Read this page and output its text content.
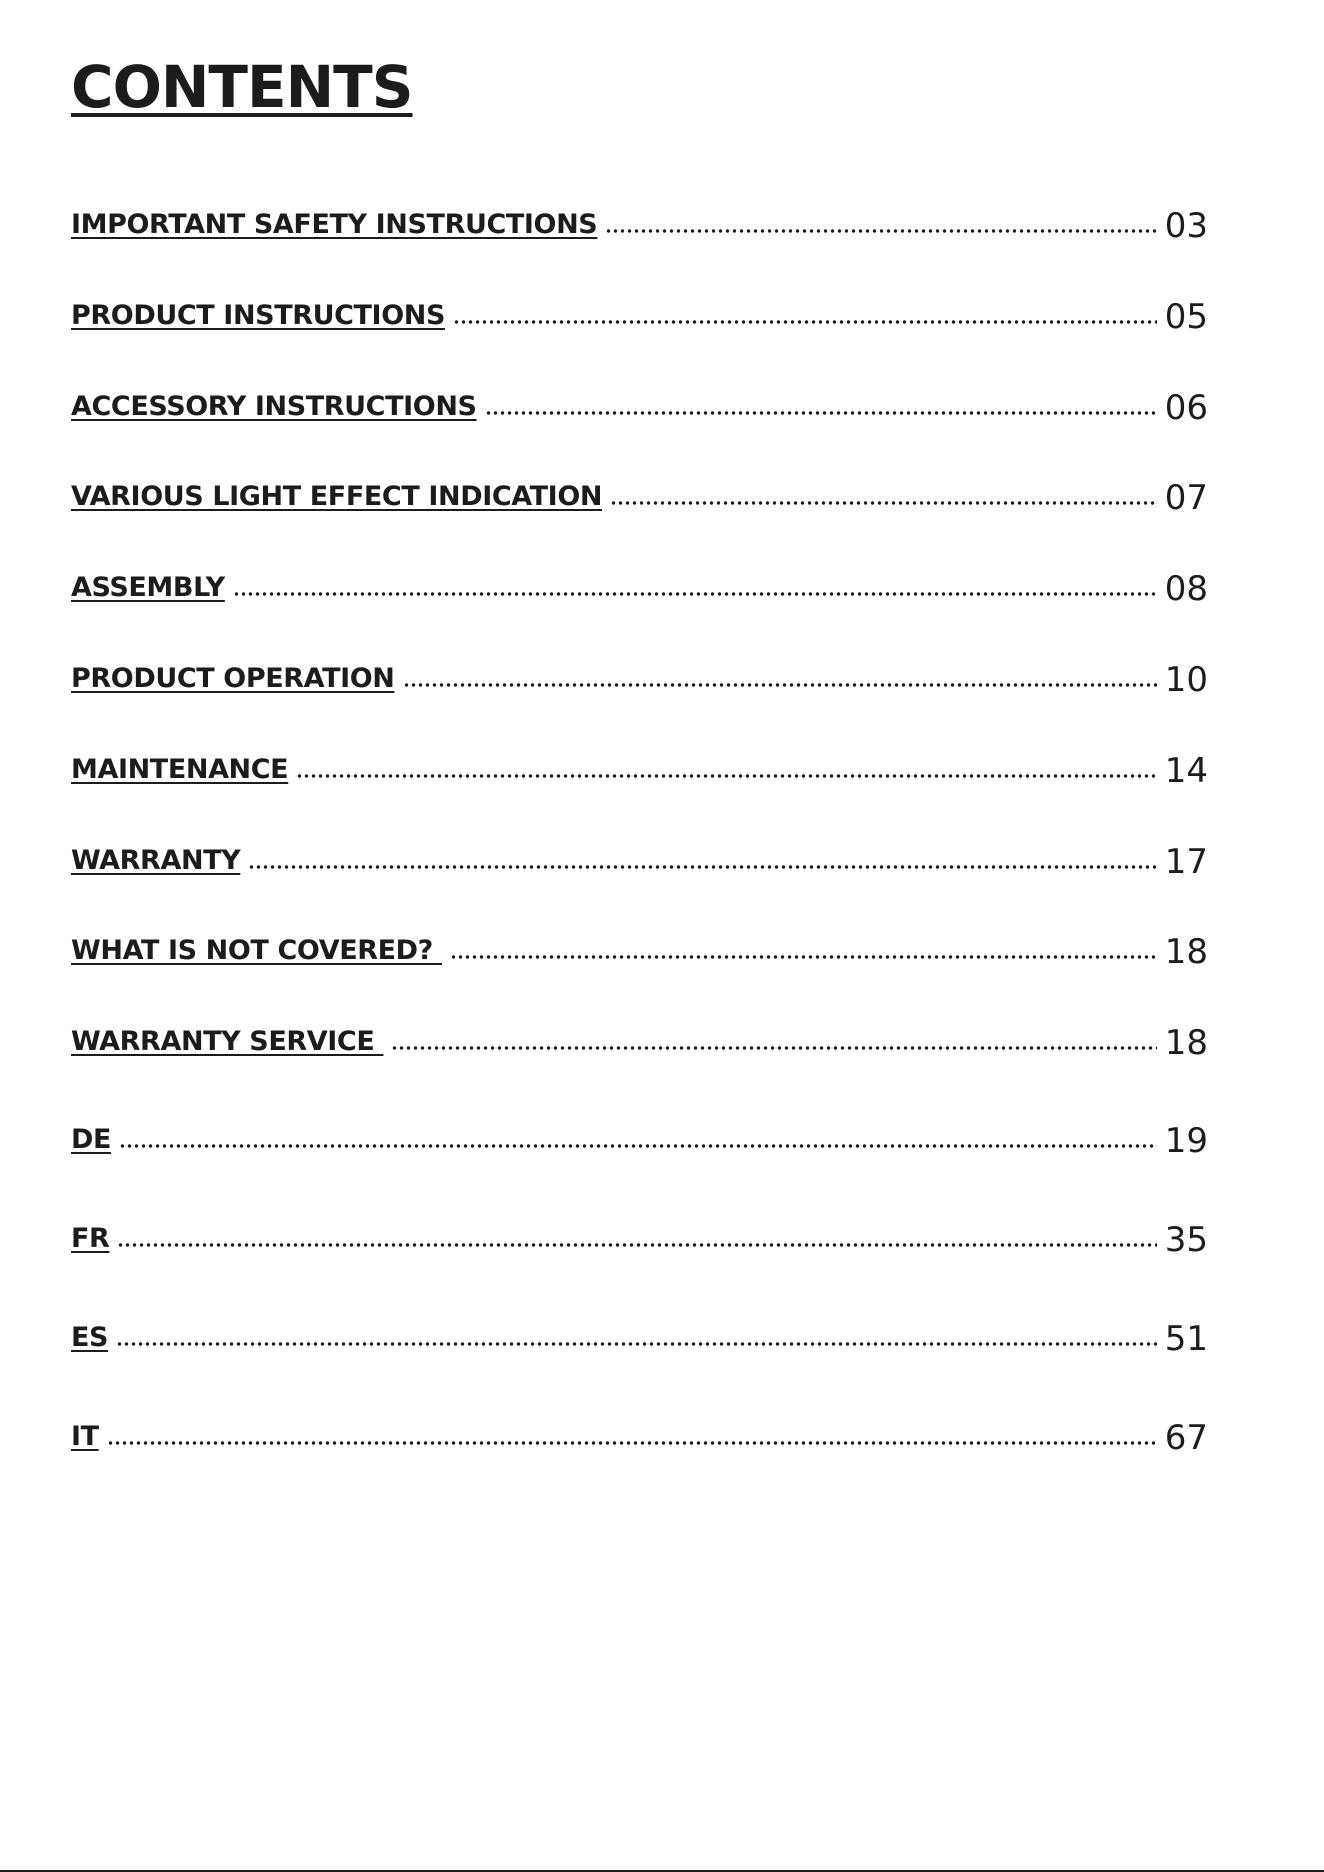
CONTENTS
IMPORTANT SAFETY INSTRUCTIONS	03
PRODUCT INSTRUCTIONS	05
ACCESSORY INSTRUCTIONS	06
VARIOUS LIGHT EFFECT INDICATION	07
ASSEMBLY	08
PRODUCT OPERATION	10
MAINTENANCE	14
WARRANTY	17
WHAT IS NOT COVERED?	18
WARRANTY SERVICE	18
DE	19
FR	35
ES	51
IT	67
